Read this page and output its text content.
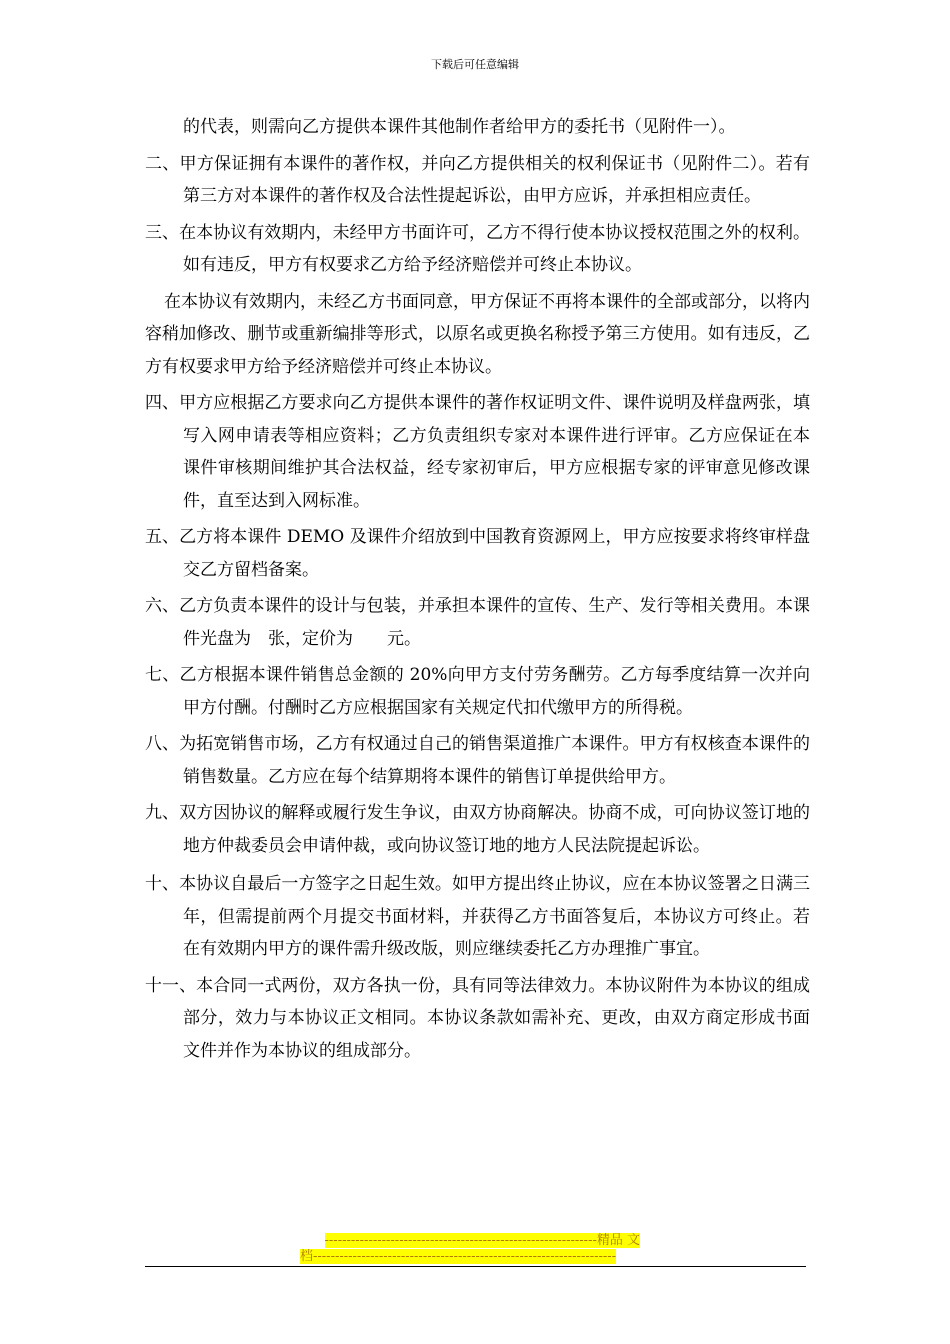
下载后可任意编辑

的代表，则需向乙方提供本课件其他制作者给甲方的委托书（见附件一）。

二、甲方保证拥有本课件的著作权，并向乙方提供相关的权利保证书（见附件二）。若有第三方对本课件的著作权及合法性提起诉讼，由甲方应诉，并承担相应责任。

三、在本协议有效期内，未经甲方书面许可，乙方不得行使本协议授权范围之外的权利。如有违反，甲方有权要求乙方给予经济赔偿并可终止本协议。

在本协议有效期内，未经乙方书面同意，甲方保证不再将本课件的全部或部分，以将内容稍加修改、删节或重新编排等形式，以原名或更换名称授予第三方使用。如有违反，乙方有权要求甲方给予经济赔偿并可终止本协议。

四、甲方应根据乙方要求向乙方提供本课件的著作权证明文件、课件说明及样盘两张，填写入网申请表等相应资料；乙方负责组织专家对本课件进行评审。乙方应保证在本课件审核期间维护其合法权益，经专家初审后，甲方应根据专家的评审意见修改课件，直至达到入网标准。

五、乙方将本课件 DEMO 及课件介绍放到中国教育资源网上，甲方应按要求将终审样盘交乙方留档备案。

六、乙方负责本课件的设计与包装，并承担本课件的宣传、生产、发行等相关费用。本课件光盘为　张，定价为　　元。

七、乙方根据本课件销售总金额的 20%向甲方支付劳务酬劳。乙方每季度结算一次并向甲方付酬。付酬时乙方应根据国家有关规定代扣代缴甲方的所得税。

八、为拓宽销售市场，乙方有权通过自己的销售渠道推广本课件。甲方有权核查本课件的销售数量。乙方应在每个结算期将本课件的销售订单提供给甲方。

九、双方因协议的解释或履行发生争议，由双方协商解决。协商不成，可向协议签订地的地方仲裁委员会申请仲裁，或向协议签订地的地方人民法院提起诉讼。

十、本协议自最后一方签字之日起生效。如甲方提出终止协议，应在本协议签署之日满三年，但需提前两个月提交书面材料，并获得乙方书面答复后，本协议方可终止。若在有效期内甲方的课件需升级改版，则应继续委托乙方办理推广事宜。

十一、本合同一式两份，双方各执一份，具有同等法律效力。本协议附件为本协议的组成部分，效力与本协议正文相同。本协议条款如需补充、更改，由双方商定形成书面文件并作为本协议的组成部分。

--------------------------------------------------------------精品 文
档---------------------------------------------------------------------
